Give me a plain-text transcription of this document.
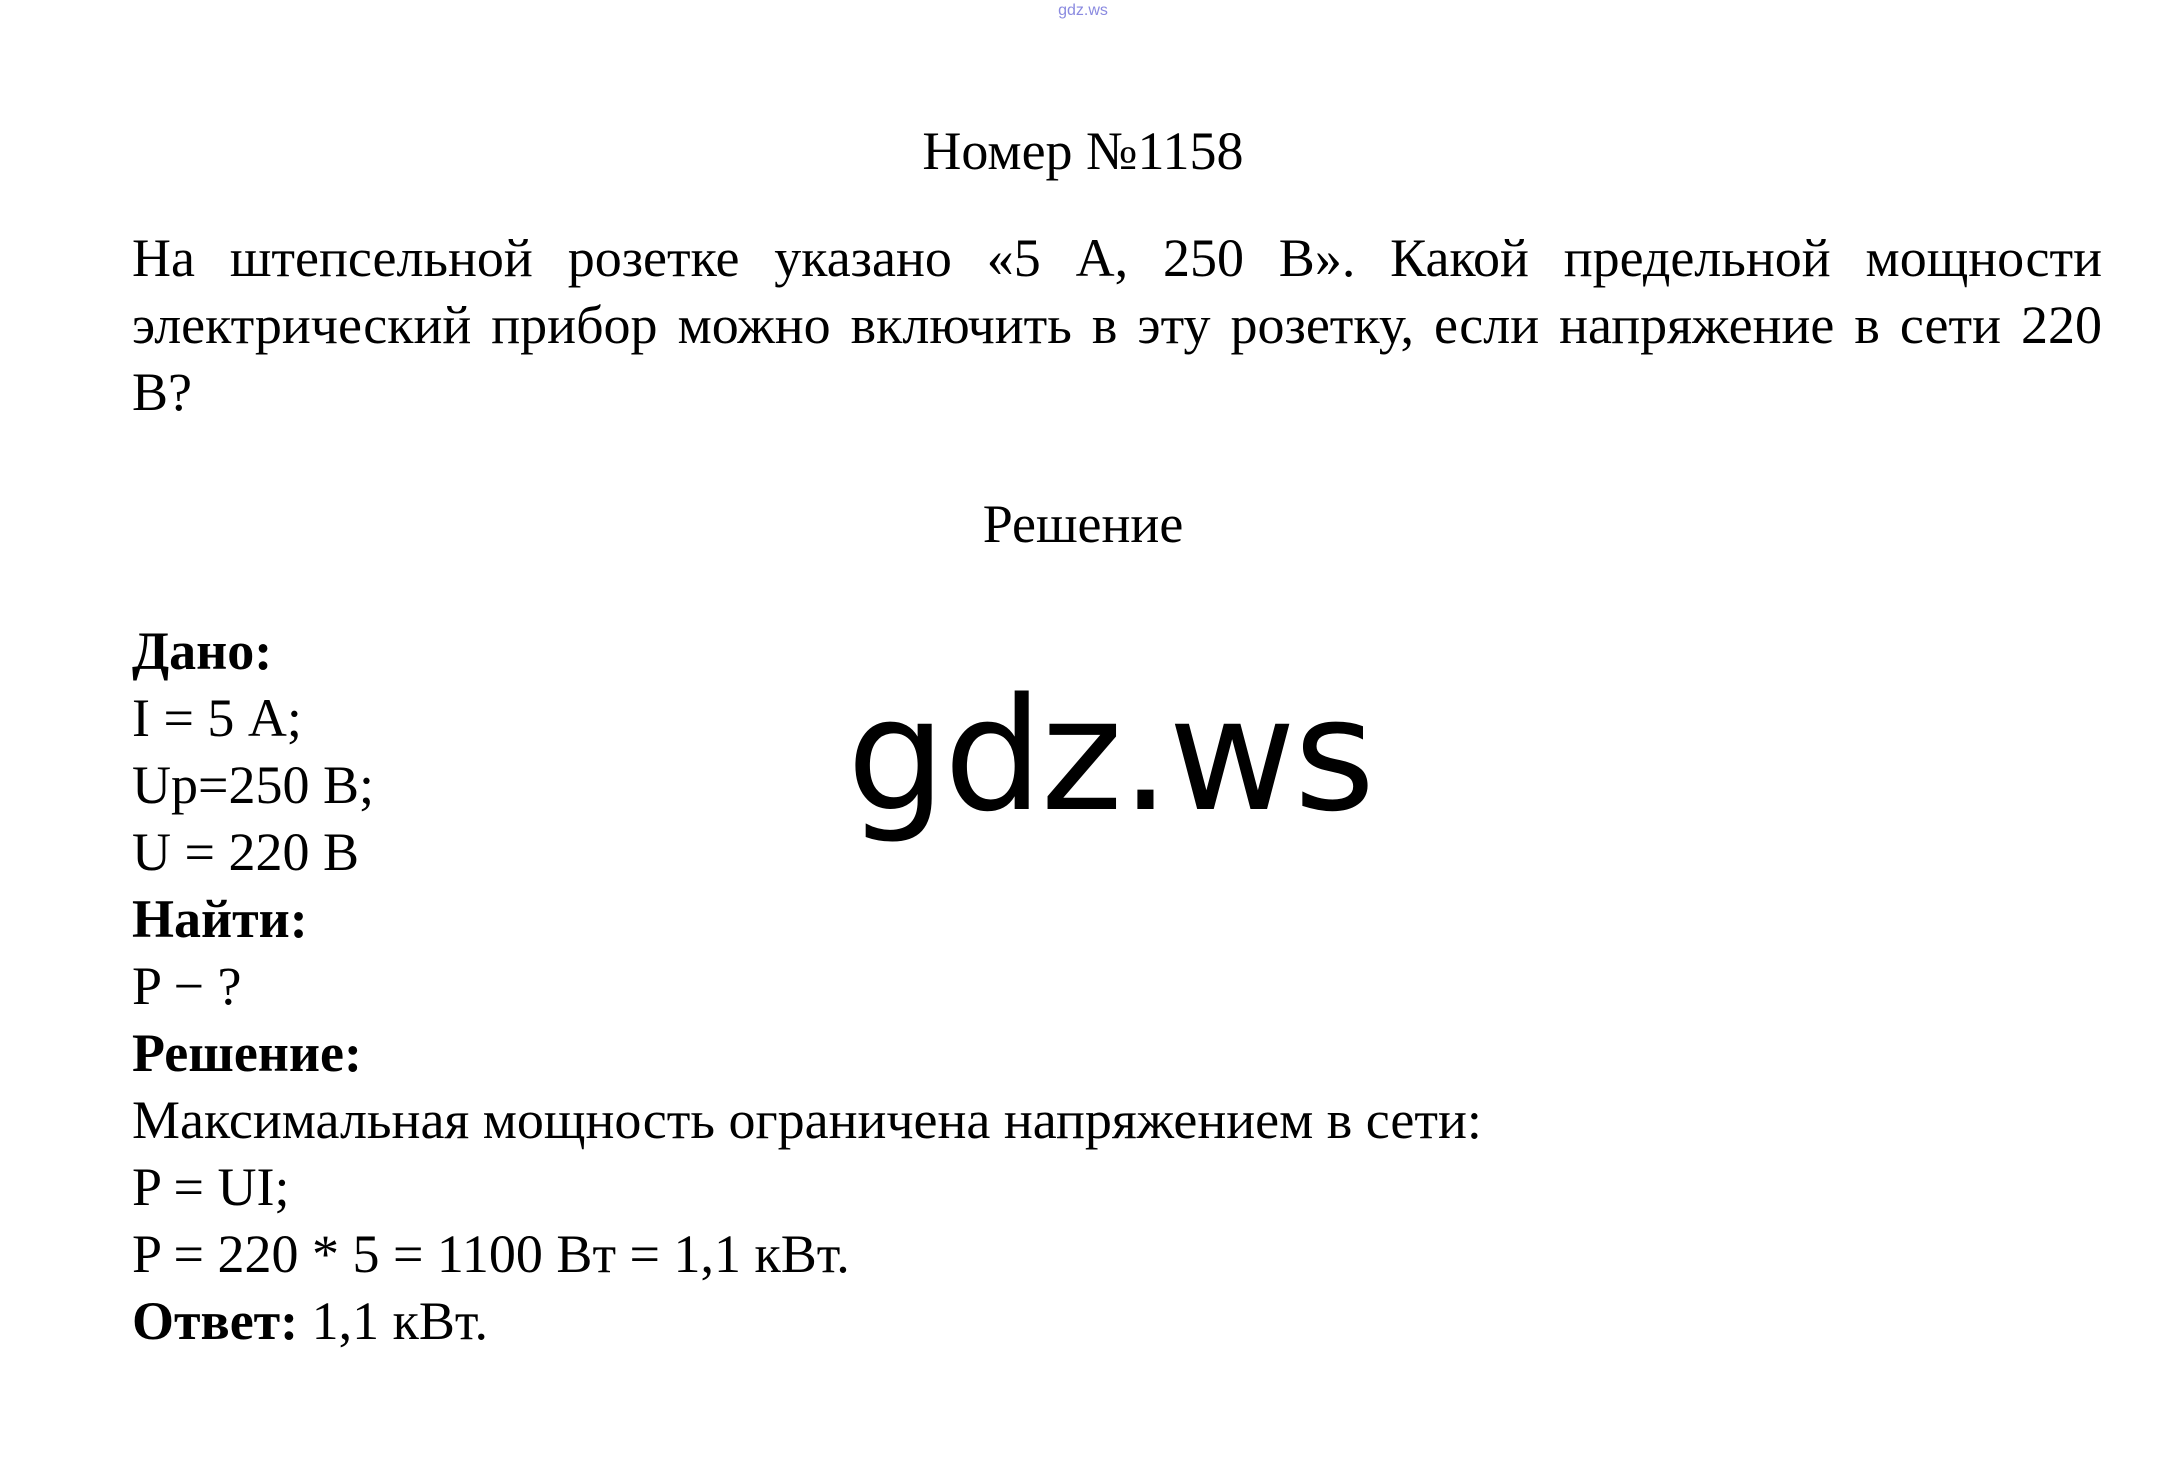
gdz.ws
Номер №1158

На штепсельной розетке указано «5 А, 250 В». Какой предельной мощности электрический прибор можно включить в эту розетку, если напряжение в сети 220 В?

Решение
gdz.ws
Дано:
I = 5 А;
Uр=250 В;
U = 220 В
Найти:
P − ?
Решение:
Максимальная мощность ограничена напряжением в сети:
P = UI;
P = 220 * 5 = 1100 Вт = 1,1 кВт.
Ответ: 1,1 кВт.
